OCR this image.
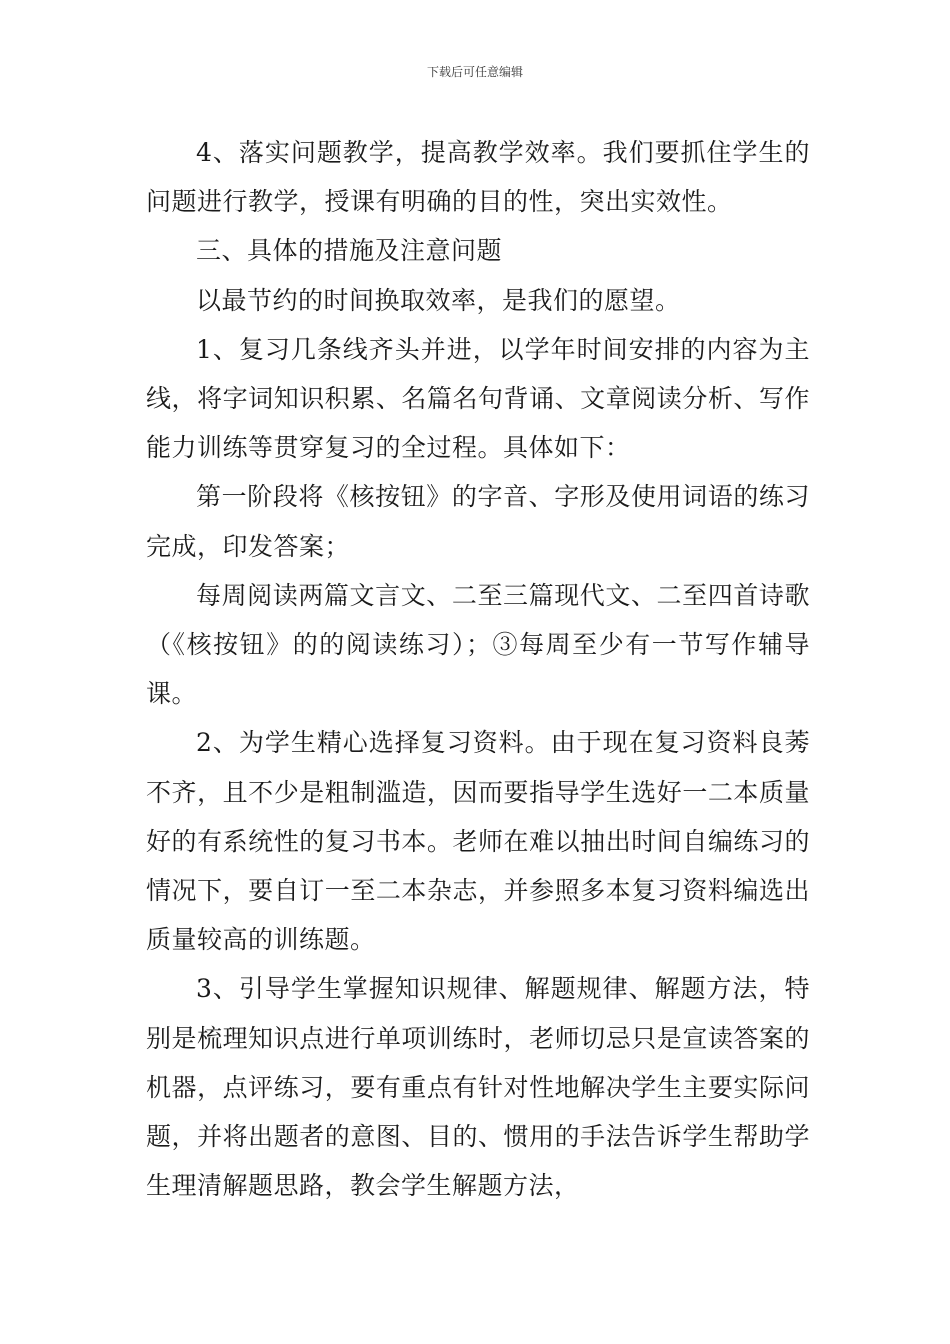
下载后可任意编辑

4、落实问题教学，提高教学效率。我们要抓住学生的问题进行教学，授课有明确的目的性，突出实效性。

三、具体的措施及注意问题

以最节约的时间换取效率，是我们的愿望。

1、复习几条线齐头并进，以学年时间安排的内容为主线，将字词知识积累、名篇名句背诵、文章阅读分析、写作能力训练等贯穿复习的全过程。具体如下：

第一阶段将《核按钮》的字音、字形及使用词语的练习完成，印发答案；

每周阅读两篇文言文、二至三篇现代文、二至四首诗歌（《核按钮》的的阅读练习）；③每周至少有一节写作辅导课。

2、为学生精心选择复习资料。由于现在复习资料良莠不齐，且不少是粗制滥造，因而要指导学生选好一二本质量好的有系统性的复习书本。老师在难以抽出时间自编练习的情况下，要自订一至二本杂志，并参照多本复习资料编选出质量较高的训练题。

3、引导学生掌握知识规律、解题规律、解题方法，特别是梳理知识点进行单项训练时，老师切忌只是宣读答案的机器，点评练习，要有重点有针对性地解决学生主要实际问题，并将出题者的意图、目的、惯用的手法告诉学生帮助学生理清解题思路，教会学生解题方法，
